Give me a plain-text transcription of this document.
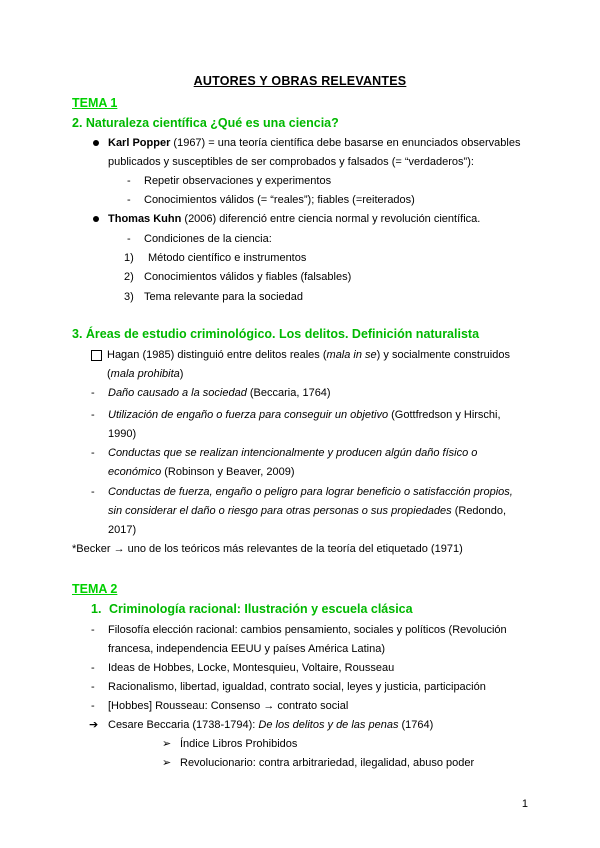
AUTORES Y OBRAS RELEVANTES
TEMA 1
2. Naturaleza científica ¿Qué es una ciencia?
Karl Popper (1967) = una teoría científica debe basarse en enunciados observables
publicados y susceptibles de ser comprobados y falsados (= “verdaderos”):
- Repetir observaciones y experimentos
- Conocimientos válidos (= “reales”); fiables (=reiterados)
Thomas Kuhn (2006) diferenció entre ciencia normal y revolución científica.
- Condiciones de la ciencia:
1) Método científico e instrumentos
2) Conocimientos válidos y fiables (falsables)
3) Tema relevante para la sociedad
3. Áreas de estudio criminológico. Los delitos. Definición naturalista
Hagan (1985) distinguió entre delitos reales (mala in se) y socialmente construidos
(mala prohibita)
- Daño causado a la sociedad (Beccaria, 1764)
- Utilización de engaño o fuerza para conseguir un objetivo (Gottfredson y Hirschi,
1990)
- Conductas que se realizan intencionalmente y producen algún daño físico o
económico (Robinson y Beaver, 2009)
- Conductas de fuerza, engaño o peligro para lograr beneficio o satisfacción propios,
sin considerar el daño o riesgo para otras personas o sus propiedades (Redondo,
2017)
*Becker → uno de los teóricos más relevantes de la teoría del etiquetado (1971)
TEMA 2
1. Criminología racional: Ilustración y escuela clásica
- Filosofía elección racional: cambios pensamiento, sociales y políticos (Revolución
francesa, independencia EEUU y países América Latina)
- Ideas de Hobbes, Locke, Montesquieu, Voltaire, Rousseau
- Racionalismo, libertad, igualdad, contrato social, leyes y justicia, participación
- [Hobbes] Rousseau: Consenso → contrato social
➔ Cesare Beccaria (1738-1794): De los delitos y de las penas (1764)
➢ Índice Libros Prohibidos
➢ Revolucionario: contra arbitrariedad, ilegalidad, abuso poder
1
